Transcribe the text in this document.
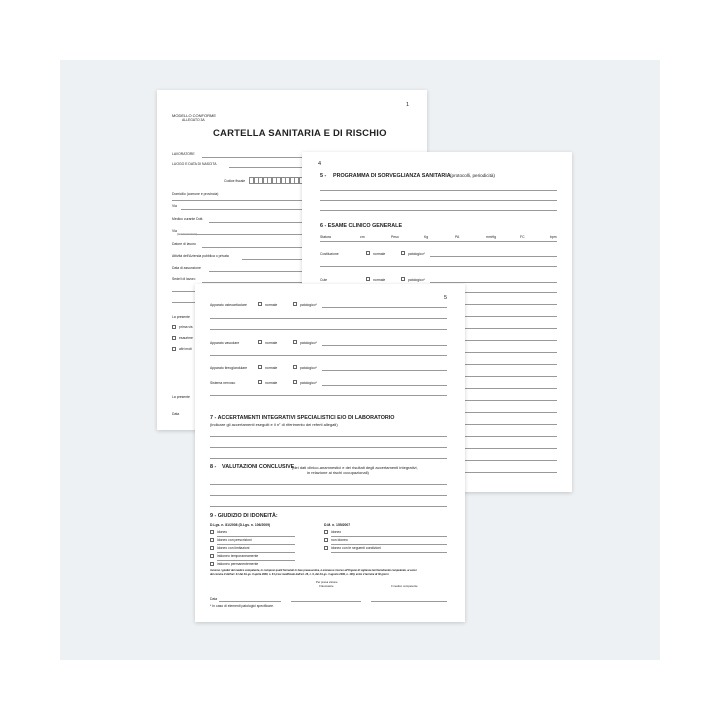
1
MODELLO CONFORME
ALLEGATO 3A
CARTELLA SANITARIA E DI RISCHIO
LAVORATORE
LUOGO E DATA DI NASCITA
Codice fiscale
Domicilio (comune e provincia)
Via
Medico curante Dott.
Via
(numero tessera)
Datore di lavoro
Attività dell'Azienda pubblica o privata
Data di assunzione
Sede/i di lavoro
La presente
prima vis
esaurime
altri moti
La presente
Data
4
5 - PROGRAMMA DI SORVEGLIANZA SANITARIA (protocolli, periodicità)
6 - ESAME CLINICO GENERALE
Statura	cm	Peso	Kg	PA	mmHg	FC	bpm
Costituzione	normale	patologico*
Cute	normale	patologico*
5
Apparato osteoarticolare	normale	patologico*
Apparato vascolare	normale	patologico*
Apparato tireoglandulare	normale	patologico*
Sistema nervoso	normale	patologico*
7 - ACCERTAMENTI INTEGRATIVI SPECIALISTICI E/O DI LABORATORIO
(indicare gli accertamenti eseguiti e il n° di riferimento dei referti allegati)
8 - VALUTAZIONI CONCLUSIVE
(dei dati clinico-anamnestici e dei risultati degli accertamenti integrativi,
in relazione ai rischi occupazionali)
9 - GIUDIZIO DI IDONEITÀ:
D.Lgs. n. 81/2008 (D.Lgs. n. 106/2009)	D.M. n. 155/2007
idoneo
idoneo con prescrizioni
idoneo con limitazioni
inidoneo temporaneamente
inidoneo permanentemente
idoneo
non idoneo
idoneo con le seguenti condizioni
Avverso i giudizi del medico competente, in compresi quelli formulati in fase preassuntiva, è ammesso ricorso all'Organo di vigilanza territorialmente competente, ai sensi
del comma 9 dell'art. 41 del D.Lgs. 9 aprile 2008, n. 81 (così modificato dall'art. 26, c. 9, del D.Lgs. 3 agosto 2009, n. 106), entro il termine di 30 giorni
Per presa visione
Il lavoratore	Il medico competente
Data
* In caso di elementi patologici specificare.
